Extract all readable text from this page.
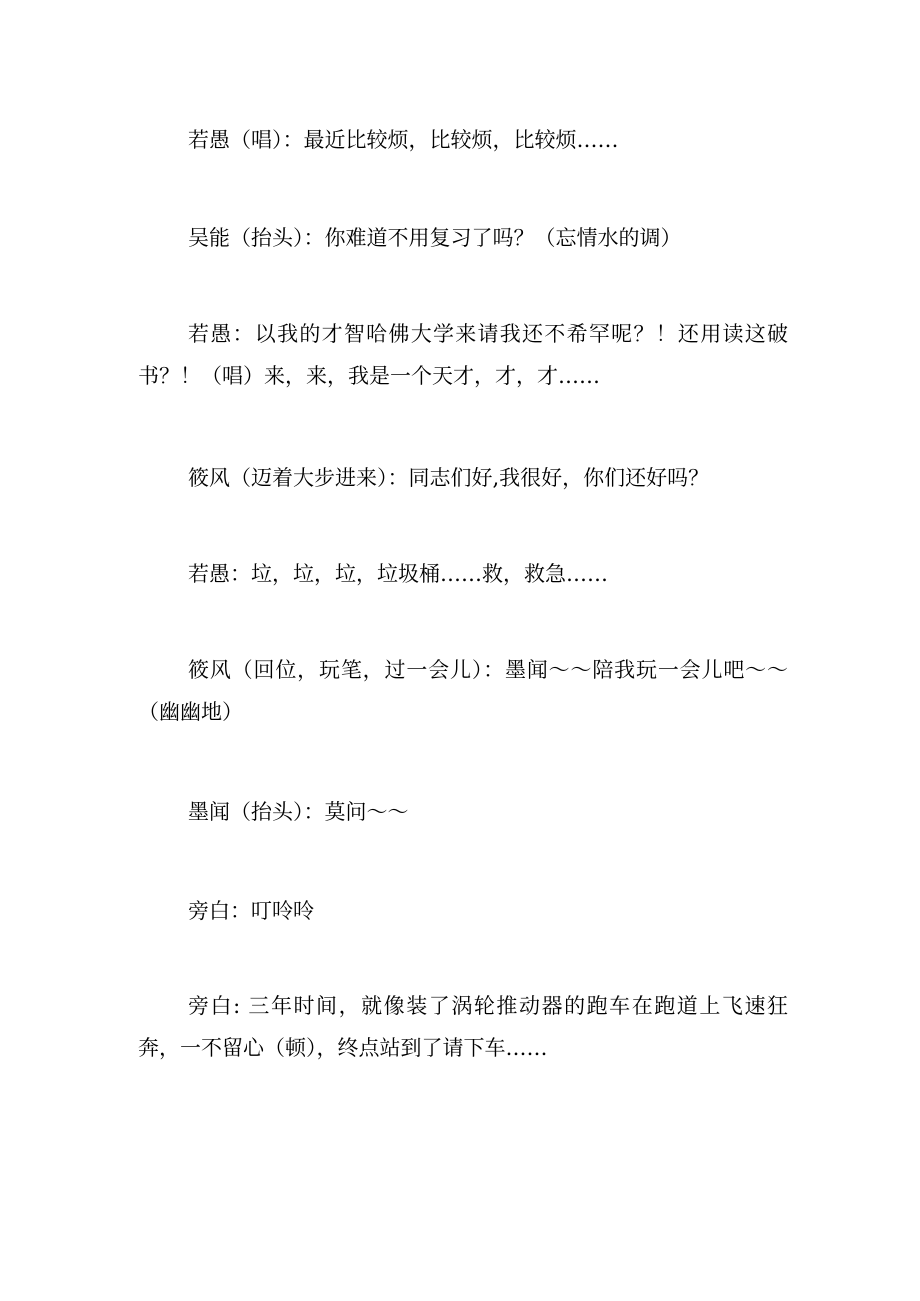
若愚（唱）：最近比较烦，比较烦，比较烦……

吴能（抬头）：你难道不用复习了吗？（忘情水的调）

若愚：以我的才智哈佛大学来请我还不希罕呢？！还用读这破书？！（唱）来，来，我是一个天才，才，才……

筱风（迈着大步进来）：同志们好,我很好，你们还好吗？

若愚：垃，垃，垃，垃圾桶……救，救急……

筱风（回位，玩笔，过一会儿）：墨闻～～陪我玩一会儿吧～～（幽幽地）

墨闻（抬头）：莫问～～

旁白：叮呤呤

旁白: 三年时间，就像装了涡轮推动器的跑车在跑道上飞速狂奔，一不留心（顿），终点站到了请下车……
